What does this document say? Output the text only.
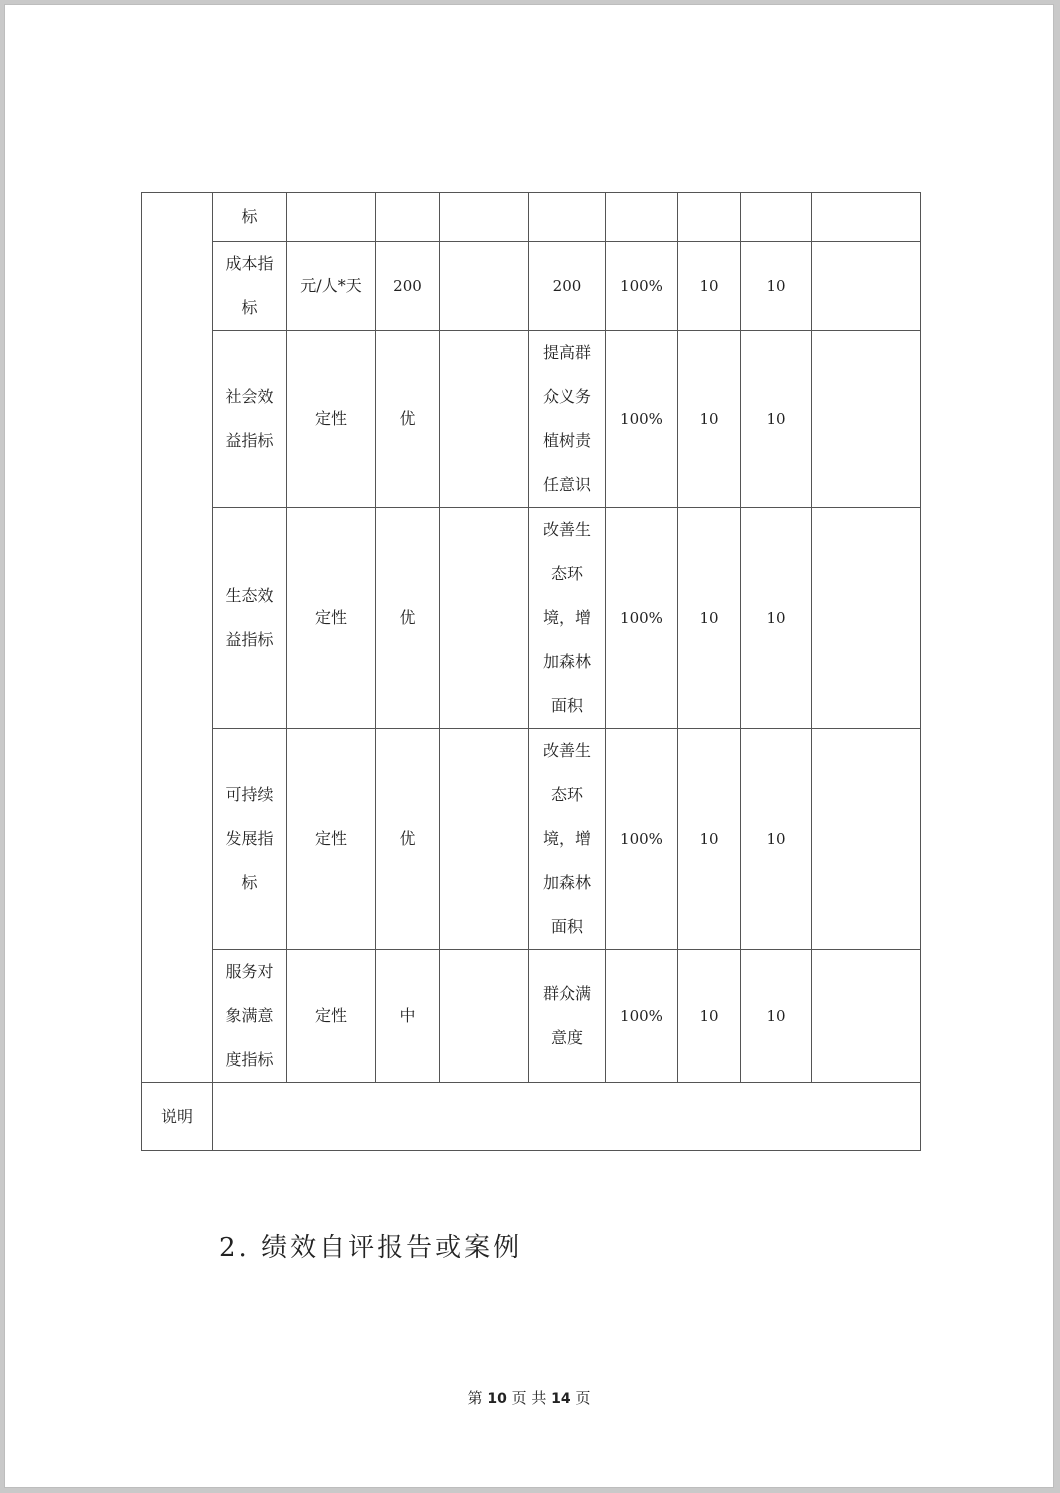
	标								
	成本指标	元/人*天	200		200	100%	10	10	
	社会效益指标	定性	优		提高群众义务植树责任意识	100%	10	10	
	生态效益指标	定性	优		改善生态环境，增加森林面积	100%	10	10	
	可持续发展指标	定性	优		改善生态环境，增加森林面积	100%	10	10	
	服务对象满意度指标	定性	中		群众满意度	100%	10	10	
说明									
2. 绩效自评报告或案例
第 10 页 共 14 页
